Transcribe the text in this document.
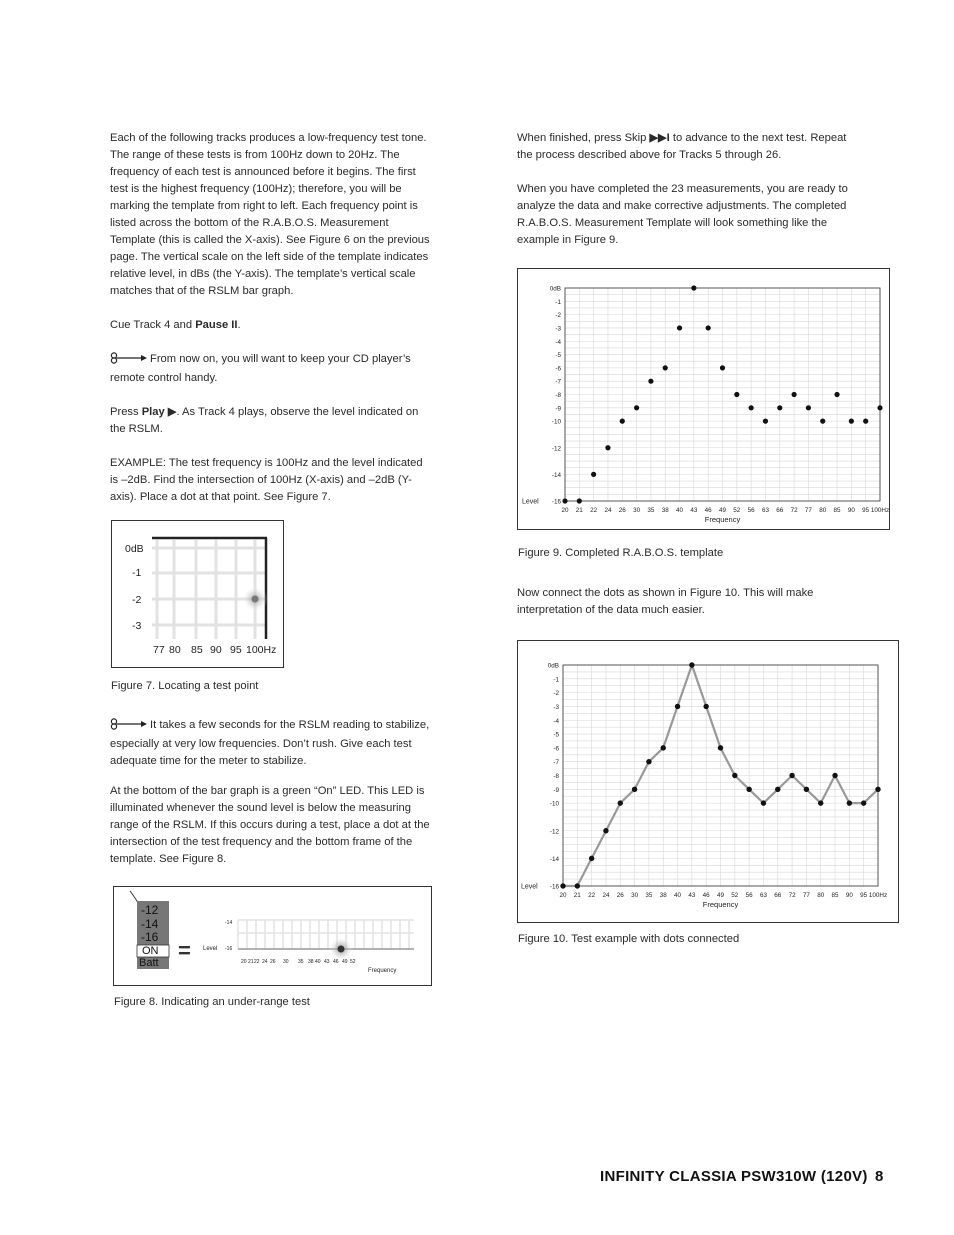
Each of the following tracks produces a low-frequency test tone. The range of these tests is from 100Hz down to 20Hz. The frequency of each test is announced before it begins. The first test is the highest frequency (100Hz); therefore, you will be marking the template from right to left. Each frequency point is listed across the bottom of the R.A.B.O.S. Measurement Template (this is called the X-axis). See Figure 6 on the previous page. The vertical scale on the left side of the template indicates relative level, in dBs (the Y-axis). The template’s vertical scale matches that of the RSLM bar graph.

Cue Track 4 and Pause II.

From now on, you will want to keep your CD player’s remote control handy.

Press Play ▶. As Track 4 plays, observe the level indicated on the RSLM.

EXAMPLE: The test frequency is 100Hz and the level indicated is –2dB. Find the intersection of 100Hz (X-axis) and –2dB (Y-axis). Place a dot at that point. See Figure 7.

0dB
-1
-2
-3
77 80 85 90 95 100Hz
Figure 7. Locating a test point

It takes a few seconds for the RSLM reading to stabilize, especially at very low frequencies. Don’t rush. Give each test adequate time for the meter to stabilize.

At the bottom of the bar graph is a green “On” LED. This LED is illuminated whenever the sound level is below the measuring range of the RSLM. If this occurs during a test, place a dot at the intersection of the test frequency and the bottom frame of the template. See Figure 8.

-12
-14
-16
ON
Batt = Level
-14
-16
20 21 22 24 26 30 35 38 40 43 46 49 52
Frequency
Figure 8. Indicating an under-range test

When finished, press Skip ▶▶I to advance to the next test. Repeat the process described above for Tracks 5 through 26.

When you have completed the 23 measurements, you are ready to analyze the data and make corrective adjustments. The completed R.A.B.O.S. Measurement Template will look something like the example in Figure 9.

0dB
-1
-2
-3
-4
-5
-6
-7
-8
-9
-10
-12
-14
-16
Level
20 21 22 24 26 30 35 38 40 43 46 49 52 56 63 66 72 77 80 85 90 95 100Hz
Frequency
Figure 9. Completed R.A.B.O.S. template

Now connect the dots as shown in Figure 10. This will make interpretation of the data much easier.

0dB
-1
-2
-3
-4
-5
-6
-7
-8
-9
-10
-12
-14
-16
Level
20 21 22 24 26 30 35 38 40 43 46 49 52 56 63 66 72 77 80 85 90 95 100Hz
Frequency
Figure 10. Test example with dots connected
INFINITY CLASSIA PSW310W (120V) 8
